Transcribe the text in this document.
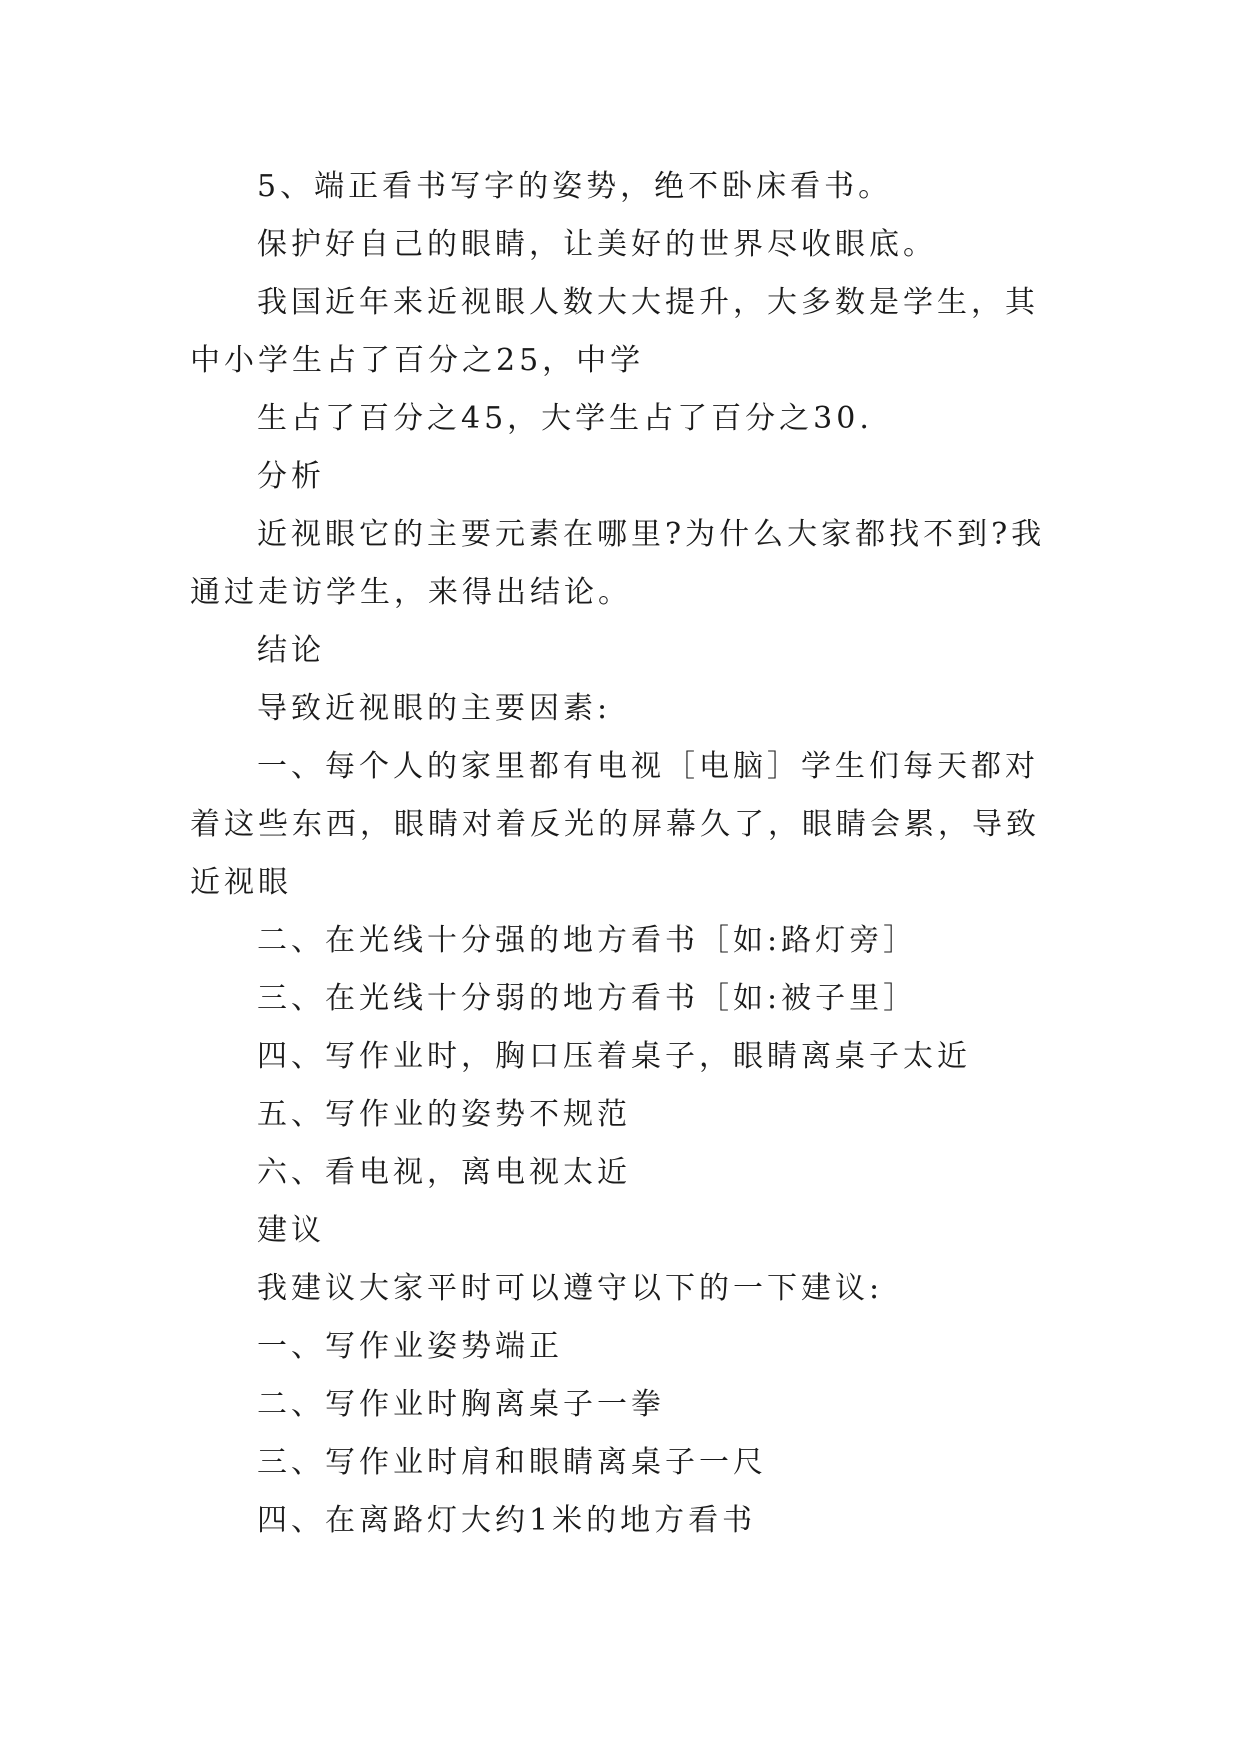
5、端正看书写字的姿势，绝不卧床看书。

保护好自己的眼睛，让美好的世界尽收眼底。

我国近年来近视眼人数大大提升，大多数是学生，其中小学生占了百分之25，中学

生占了百分之45，大学生占了百分之30.

分析

近视眼它的主要元素在哪里?为什么大家都找不到?我通过走访学生，来得出结论。

结论

导致近视眼的主要因素:

一、每个人的家里都有电视［电脑］学生们每天都对着这些东西，眼睛对着反光的屏幕久了，眼睛会累，导致近视眼

二、在光线十分强的地方看书［如:路灯旁］

三、在光线十分弱的地方看书［如:被子里］

四、写作业时，胸口压着桌子，眼睛离桌子太近

五、写作业的姿势不规范

六、看电视，离电视太近

建议

我建议大家平时可以遵守以下的一下建议:

一、写作业姿势端正

二、写作业时胸离桌子一拳

三、写作业时肩和眼睛离桌子一尺

四、在离路灯大约1米的地方看书
